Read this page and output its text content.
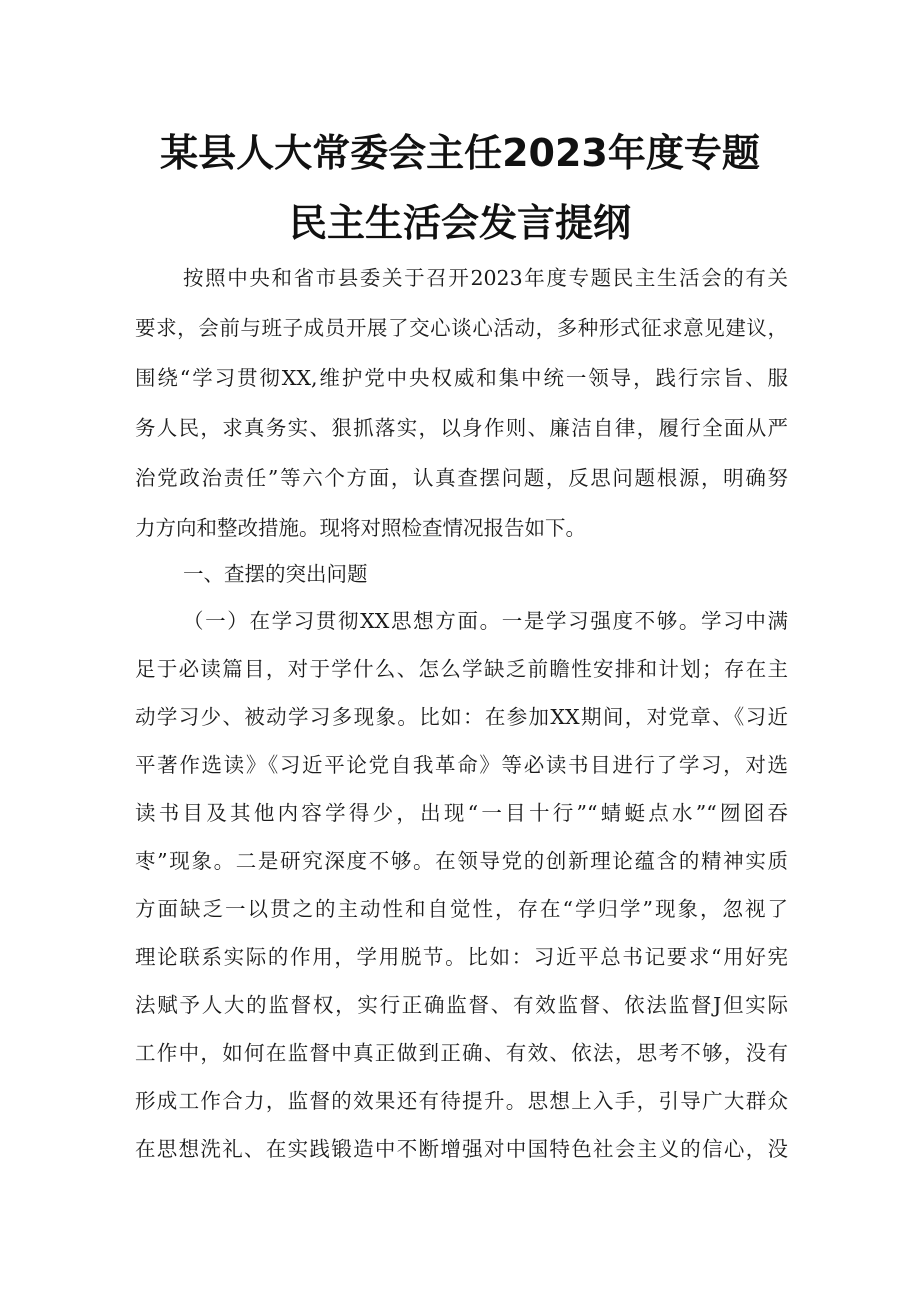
某县人大常委会主任2023年度专题
民主生活会发言提纲
按照中央和省市县委关于召开2023年度专题民主生活会的有关
要求，会前与班子成员开展了交心谈心活动，多种形式征求意见建议，
围绕“学习贯彻XX,维护党中央权威和集中统一领导，践行宗旨、服
务人民，求真务实、狠抓落实，以身作则、廉洁自律，履行全面从严
治党政治责任”等六个方面，认真查摆问题，反思问题根源，明确努
力方向和整改措施。现将对照检查情况报告如下。
一、查摆的突出问题
（一）在学习贯彻XX思想方面。一是学习强度不够。学习中满
足于必读篇目，对于学什么、怎么学缺乏前瞻性安排和计划；存在主
动学习少、被动学习多现象。比如：在参加XX期间，对党章、《习近
平著作选读》《习近平论党自我革命》等必读书目进行了学习，对选
读书目及其他内容学得少，出现“一目十行”“蜻蜓点水”“囫囵吞
枣”现象。二是研究深度不够。在领导党的创新理论蕴含的精神实质
方面缺乏一以贯之的主动性和自觉性，存在“学归学”现象，忽视了
理论联系实际的作用，学用脱节。比如：习近平总书记要求“用好宪
法赋予人大的监督权，实行正确监督、有效监督、依法监督J但实际
工作中，如何在监督中真正做到正确、有效、依法，思考不够，没有
形成工作合力，监督的效果还有待提升。思想上入手，引导广大群众
在思想洗礼、在实践锻造中不断增强对中国特色社会主义的信心，没
